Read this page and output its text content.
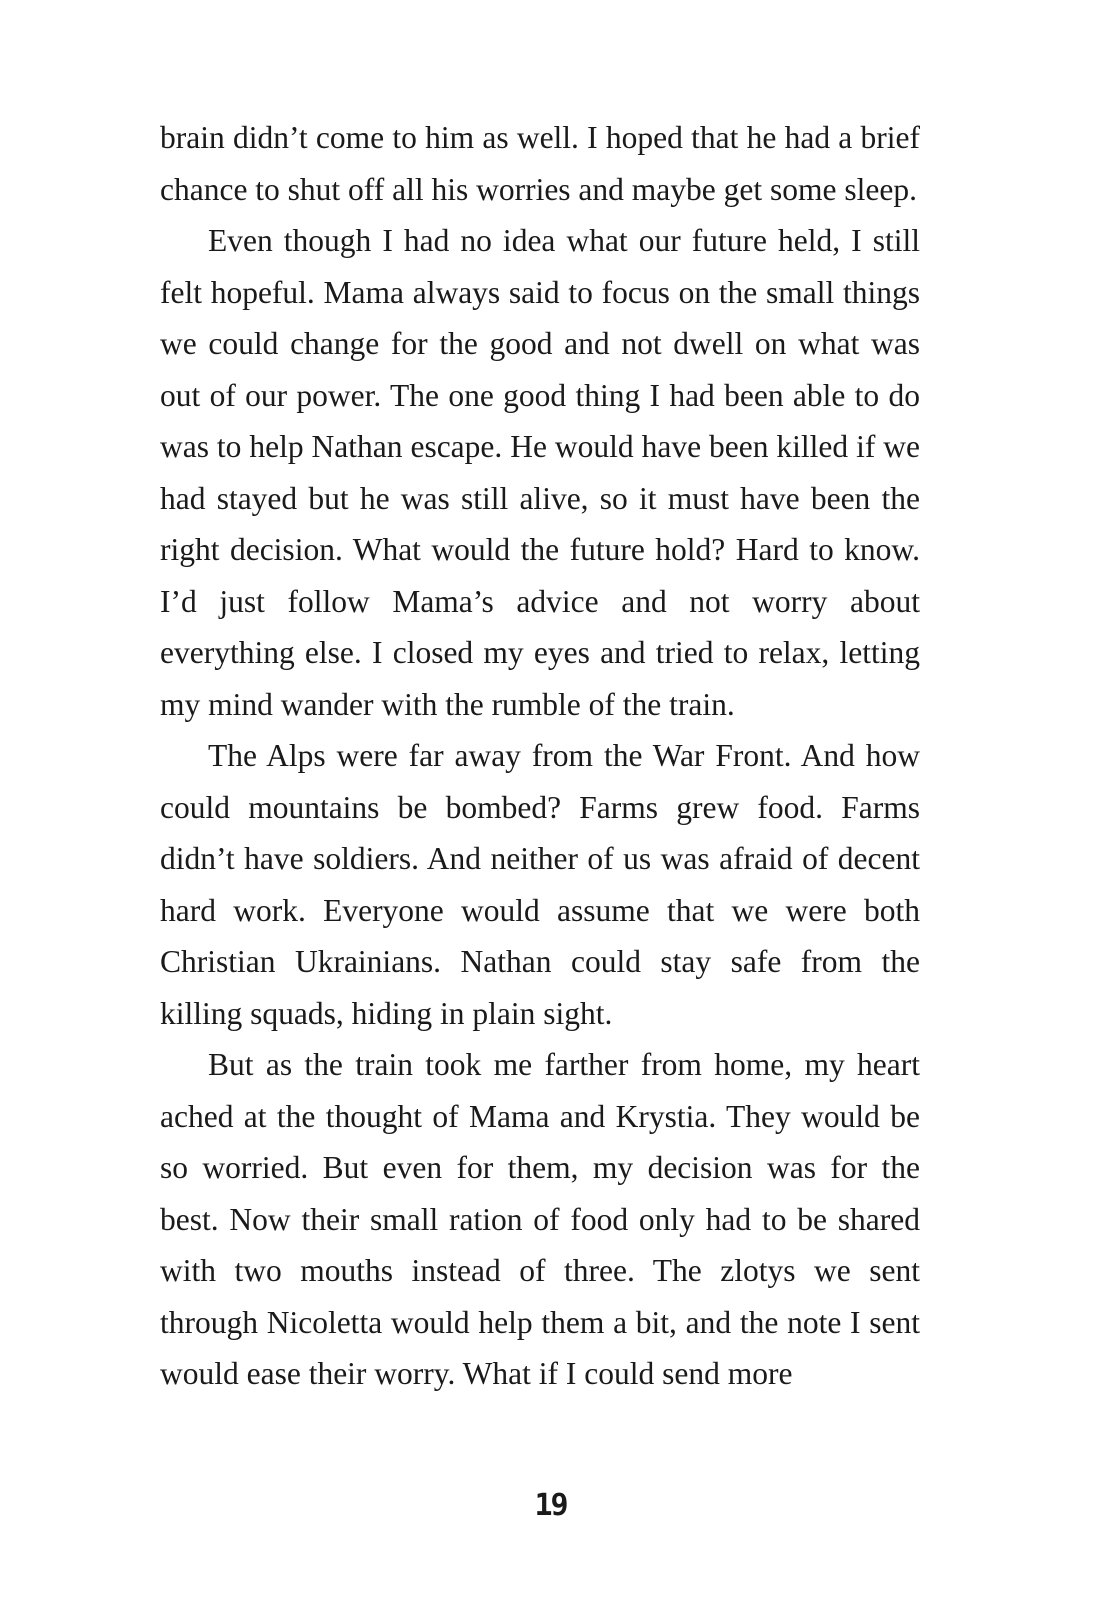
brain didn’t come to him as well. I hoped that he had a brief chance to shut off all his worries and maybe get some sleep.

Even though I had no idea what our future held, I still felt hopeful. Mama always said to focus on the small things we could change for the good and not dwell on what was out of our power. The one good thing I had been able to do was to help Nathan escape. He would have been killed if we had stayed but he was still alive, so it must have been the right decision. What would the future hold? Hard to know. I’d just follow Mama’s advice and not worry about everything else. I closed my eyes and tried to relax, letting my mind wander with the rumble of the train.

The Alps were far away from the War Front. And how could mountains be bombed? Farms grew food. Farms didn’t have soldiers. And neither of us was afraid of decent hard work. Everyone would assume that we were both Christian Ukrainians. Nathan could stay safe from the killing squads, hiding in plain sight.

But as the train took me farther from home, my heart ached at the thought of Mama and Krystia. They would be so worried. But even for them, my decision was for the best. Now their small ration of food only had to be shared with two mouths instead of three. The zlotys we sent through Nicoletta would help them a bit, and the note I sent would ease their worry. What if I could send more

19
